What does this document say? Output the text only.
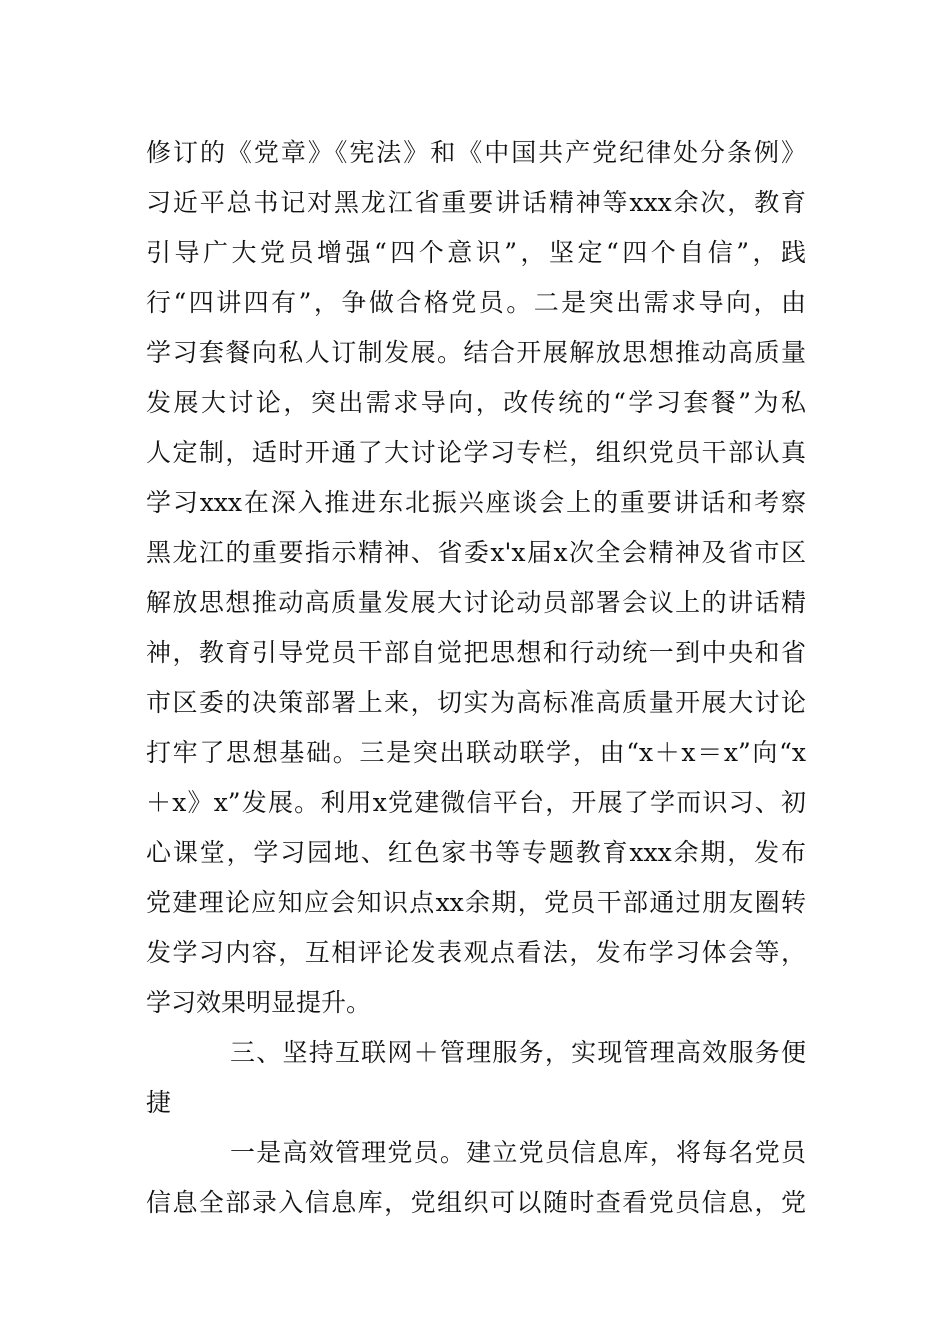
修订的《党章》《宪法》和《中国共产党纪律处分条例》
习近平总书记对黑龙江省重要讲话精神等xxx余次，教育
引导广大党员增强“四个意识”，坚定“四个自信”，践
行“四讲四有”，争做合格党员。二是突出需求导向，由
学习套餐向私人订制发展。结合开展解放思想推动高质量
发展大讨论，突出需求导向，改传统的“学习套餐”为私
人定制，适时开通了大讨论学习专栏，组织党员干部认真
学习xxx在深入推进东北振兴座谈会上的重要讲话和考察
黑龙江的重要指示精神、省委x'x届x次全会精神及省市区
解放思想推动高质量发展大讨论动员部署会议上的讲话精
神，教育引导党员干部自觉把思想和行动统一到中央和省
市区委的决策部署上来，切实为高标准高质量开展大讨论
打牢了思想基础。三是突出联动联学，由“x＋x＝x”向“x
＋x》x”发展。利用x党建微信平台，开展了学而识习、初
心课堂，学习园地、红色家书等专题教育xxx余期，发布
党建理论应知应会知识点xx余期，党员干部通过朋友圈转
发学习内容，互相评论发表观点看法，发布学习体会等，
学习效果明显提升。
三、坚持互联网＋管理服务，实现管理高效服务便
捷
一是高效管理党员。建立党员信息库，将每名党员
信息全部录入信息库，党组织可以随时查看党员信息，党
